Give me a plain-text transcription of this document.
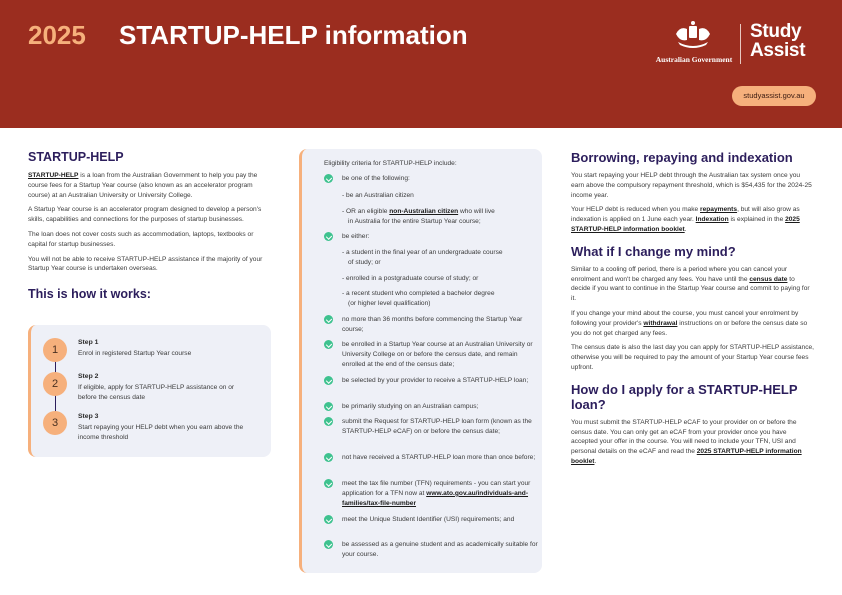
2025 STARTUP-HELP information
Australian Government
Study
Assist
studyassist.gov.au
STARTUP-HELP

STARTUP-HELP is a loan from the Australian Government to help you pay the course fees for a Startup Year course (also known as an accelerator program course) at an Australian University or University College.

A Startup Year course is an accelerator program designed to develop a person's skills, capabilities and connections for the purposes of startup businesses.

The loan does not cover costs such as accommodation, laptops, textbooks or capital for startup businesses.

You will not be able to receive STARTUP-HELP assistance if the majority of your Startup Year course is undertaken overseas.

This is how it works:
1
Step 1
Enrol in registered Startup Year course
2
Step 2
If eligible, apply for STARTUP-HELP assistance on or before the census date
3
Step 3
Start repaying your HELP debt when you earn above the income threshold
Eligibility criteria for STARTUP-HELP include:
be one of the following:
- be an Australian citizen
- OR an eligible non-Australian citizen who will live
in Australia for the entire Startup Year course;
be either:
- a student in the final year of an undergraduate course
of study; or
- enrolled in a postgraduate course of study; or
- a recent student who completed a bachelor degree
(or higher level qualification)
no more than 36 months before commencing the Startup Year course;
be enrolled in a Startup Year course at an Australian University or University College on or before the census date, and remain enrolled at the end of the census date;
be selected by your provider to receive a STARTUP-HELP loan;
be primarily studying on an Australian campus;
submit the Request for STARTUP-HELP loan form (known as the STARTUP-HELP eCAF) on or before the census date;
not have received a STARTUP-HELP loan more than once before;
meet the tax file number (TFN) requirements - you can start your application for a TFN now at www.ato.gov.au/individuals-and-families/tax-file-number
meet the Unique Student Identifier (USI) requirements; and
be assessed as a genuine student and as academically suitable for your course.
Borrowing, repaying and indexation

You start repaying your HELP debt through the Australian tax system once you earn above the compulsory repayment threshold, which is $54,435 for the 2024-25 income year.

Your HELP debt is reduced when you make repayments, but will also grow as indexation is applied on 1 June each year. Indexation is explained in the 2025 STARTUP-HELP information booklet.

What if I change my mind?

Similar to a cooling off period, there is a period where you can cancel your enrolment and won't be charged any fees. You have until the census date to decide if you want to continue in the Startup Year course and commit to paying for it.

If you change your mind about the course, you must cancel your enrolment by following your provider's withdrawal instructions on or before the census date so you do not get charged any fees.

The census date is also the last day you can apply for STARTUP-HELP assistance, otherwise you will be required to pay the amount of your Startup Year course fees upfront.

How do I apply for a STARTUP-HELP loan?

You must submit the STARTUP-HELP eCAF to your provider on or before the census date. You can only get an eCAF from your provider once you have accepted your offer in the course. You will need to include your TFN, USI and personal details on the eCAF and read the 2025 STARTUP-HELP information booklet.
